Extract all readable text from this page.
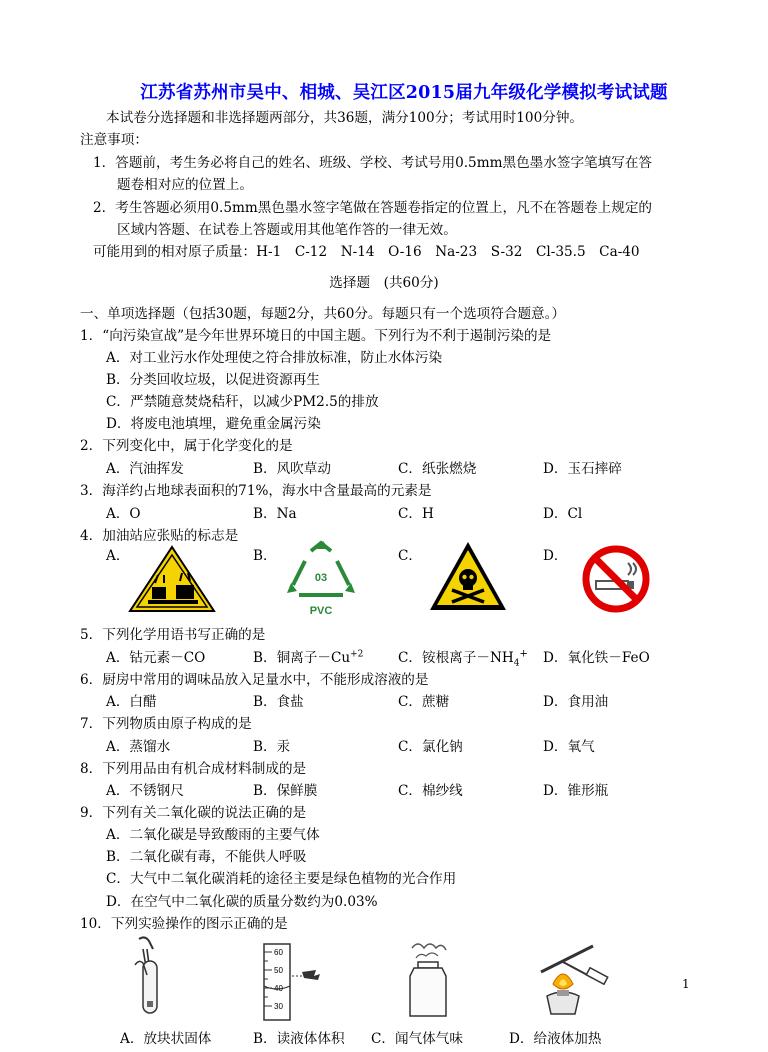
江苏省苏州市吴中、相城、吴江区2015届九年级化学模拟考试试题
本试卷分选择题和非选择题两部分，共36题，满分100分；考试用时100分钟。
注意事项：
1．答题前，考生务必将自己的姓名、班级、学校、考试号用0.5mm黑色墨水签字笔填写在答
题卷相对应的位置上。
2．考生答题必须用0.5mm黑色墨水签字笔做在答题卷指定的位置上，凡不在答题卷上规定的
区域内答题、在试卷上答题或用其他笔作答的一律无效。
可能用到的相对原子质量：H-1　C-12　N-14　O-16　Na-23　S-32　Cl-35.5　Ca-40
选择题　(共60分)
一、单项选择题（包括30题，每题2分，共60分。每题只有一个选项符合题意。）
1．“向污染宣战”是今年世界环境日的中国主题。下列行为不利于遏制污染的是
A．对工业污水作处理使之符合排放标准，防止水体污染
B．分类回收垃圾，以促进资源再生
C．严禁随意焚烧秸秆，以减少PM2.5的排放
D．将废电池填埋，避免重金属污染
2．下列变化中，属于化学变化的是
A．汽油挥发	B．风吹草动	C．纸张燃烧	D．玉石摔碎
3．海洋约占地球表面积的71%，海水中含量最高的元素是
A．O	B．Na	C．H	D．Cl
4．加油站应张贴的标志是
A．	B．	C．	D．
03
PVC
5．下列化学用语书写正确的是
A．钴元素－CO	B．铜离子$-Cu^{+2}$	C．铵根离子$-NH_4^+$ D．氧化铁－FeO
6．厨房中常用的调味品放入足量水中，不能形成溶液的是
A．白醋	B．食盐	C．蔗糖	D．食用油
7．下列物质由原子构成的是
A．蒸馏水	B．汞	C．氯化钠	D．氧气
8．下列用品由有机合成材料制成的是
A．不锈钢尺	B．保鲜膜	C．棉纱线	D．锥形瓶
9．下列有关二氧化碳的说法正确的是
A．二氧化碳是导致酸雨的主要气体
B．二氧化碳有毒，不能供人呼吸
C．大气中二氧化碳消耗的途径主要是绿色植物的光合作用
D．在空气中二氧化碳的质量分数约为0.03%
10．下列实验操作的图示正确的是
60
50
40
30
A．放块状固体	B．读液体体积 C．闻气体气味	D．给液体加热
1
